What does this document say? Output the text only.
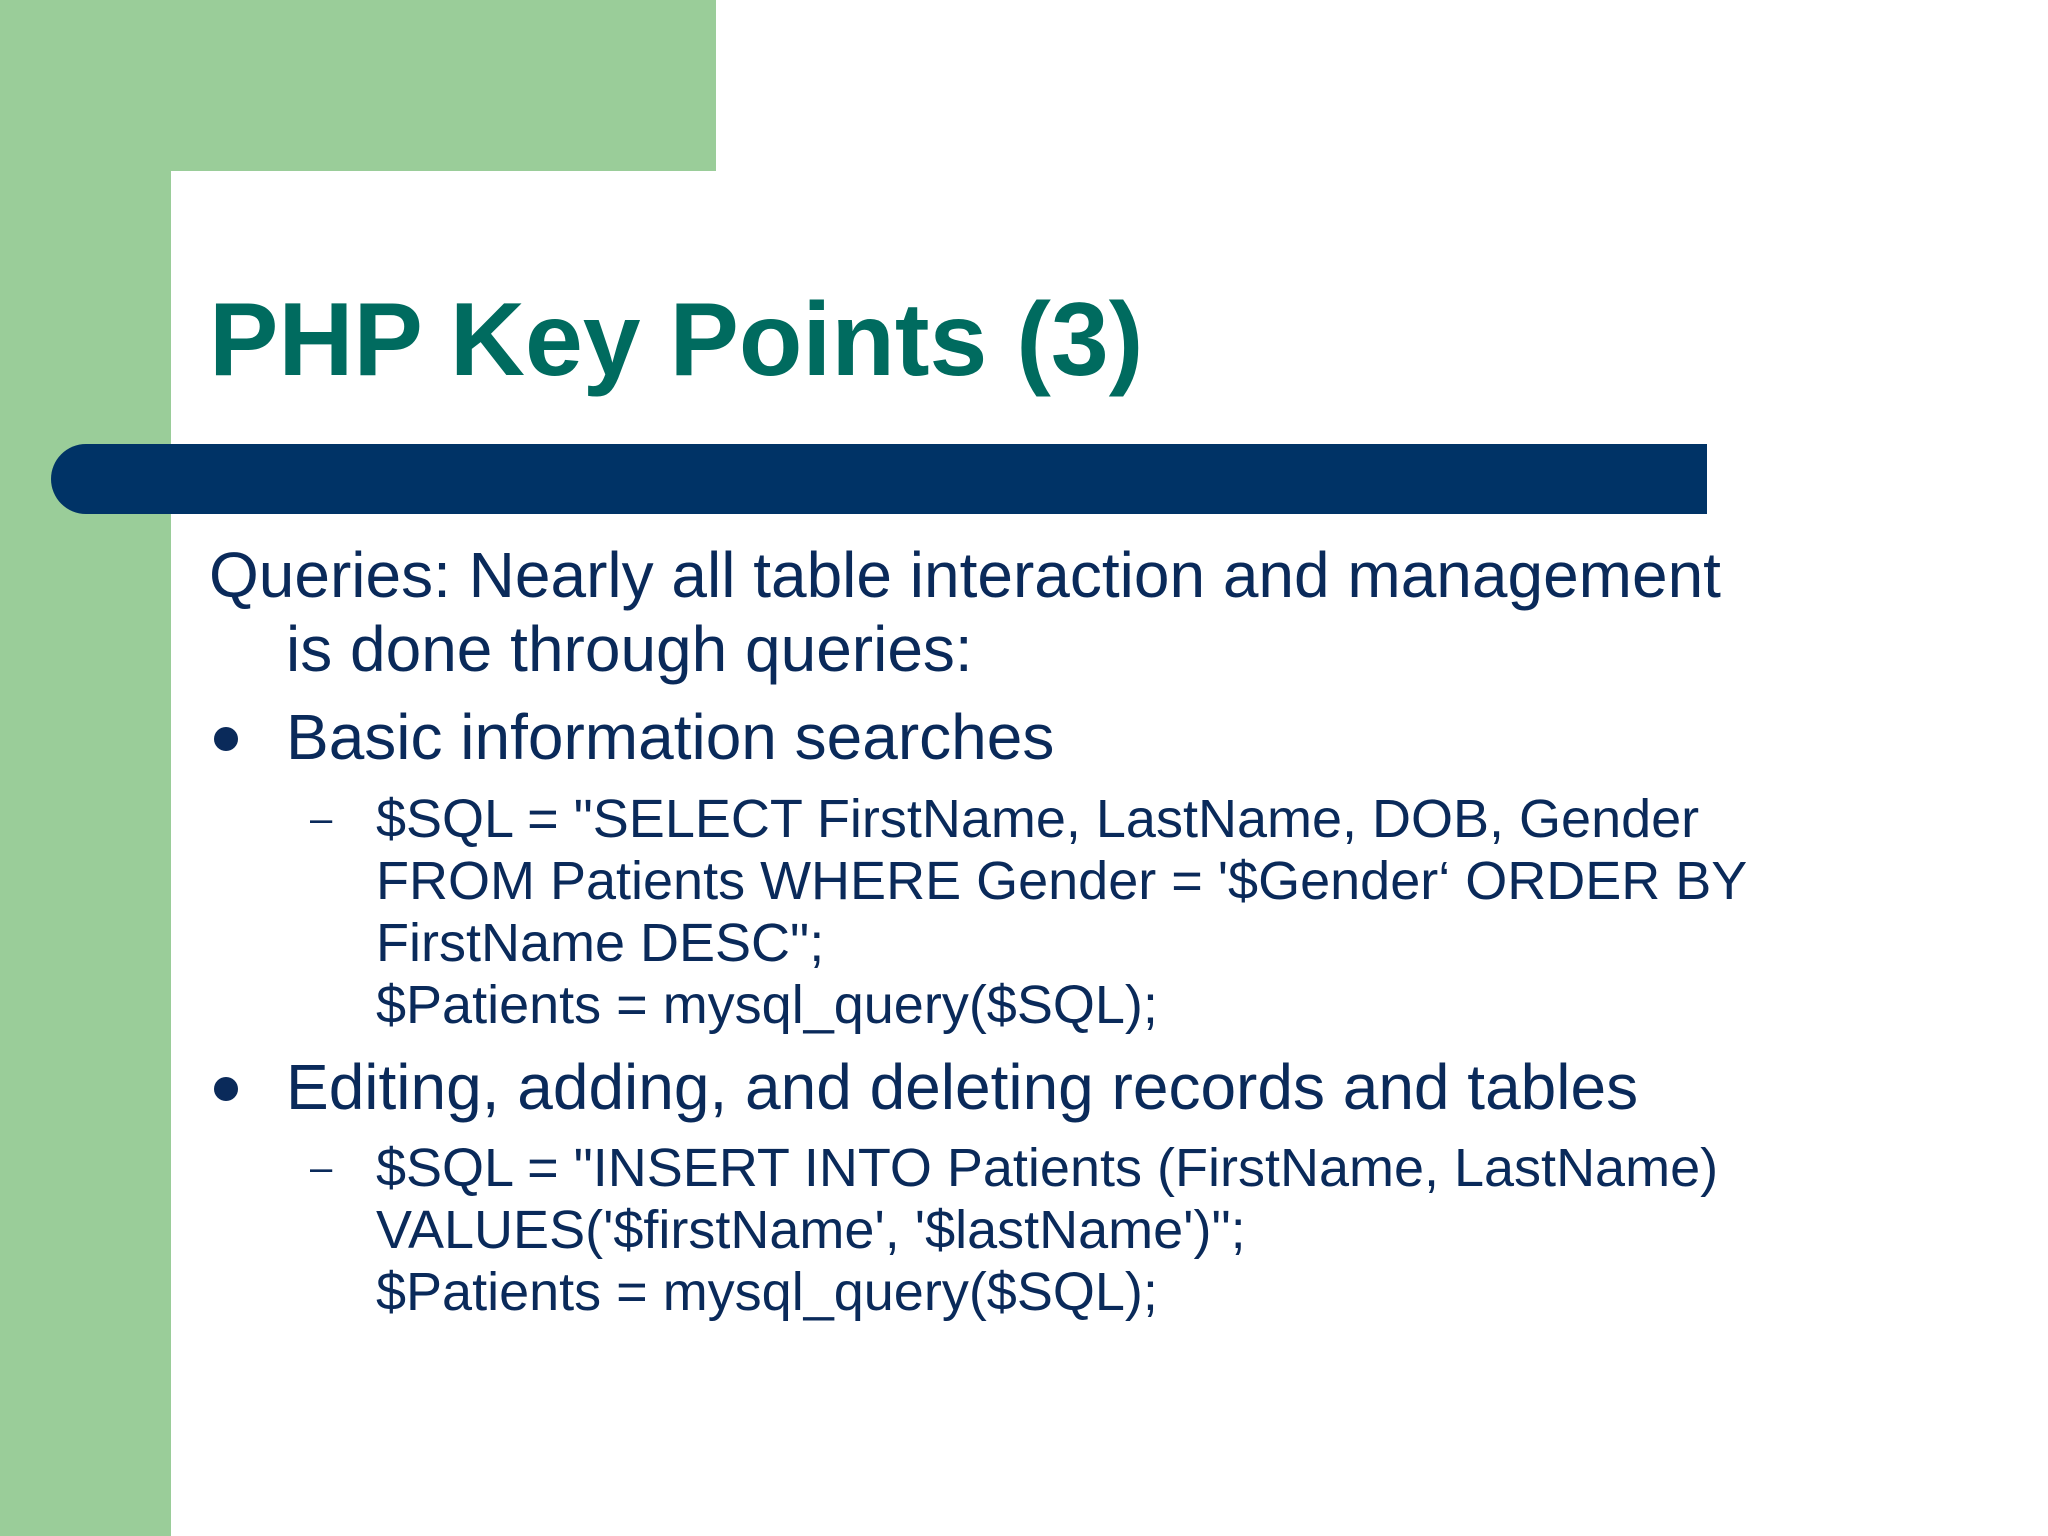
PHP Key Points (3)
Queries: Nearly all table interaction and management
is done through queries:
Basic information searches
– $SQL = "SELECT FirstName, LastName, DOB, Gender
FROM Patients WHERE Gender = '$Gender‘ ORDER BY
FirstName DESC";
$Patients = mysql_query($SQL);
Editing, adding, and deleting records and tables
– $SQL = "INSERT INTO Patients (FirstName, LastName)
VALUES('$firstName', '$lastName')";
$Patients = mysql_query($SQL);
